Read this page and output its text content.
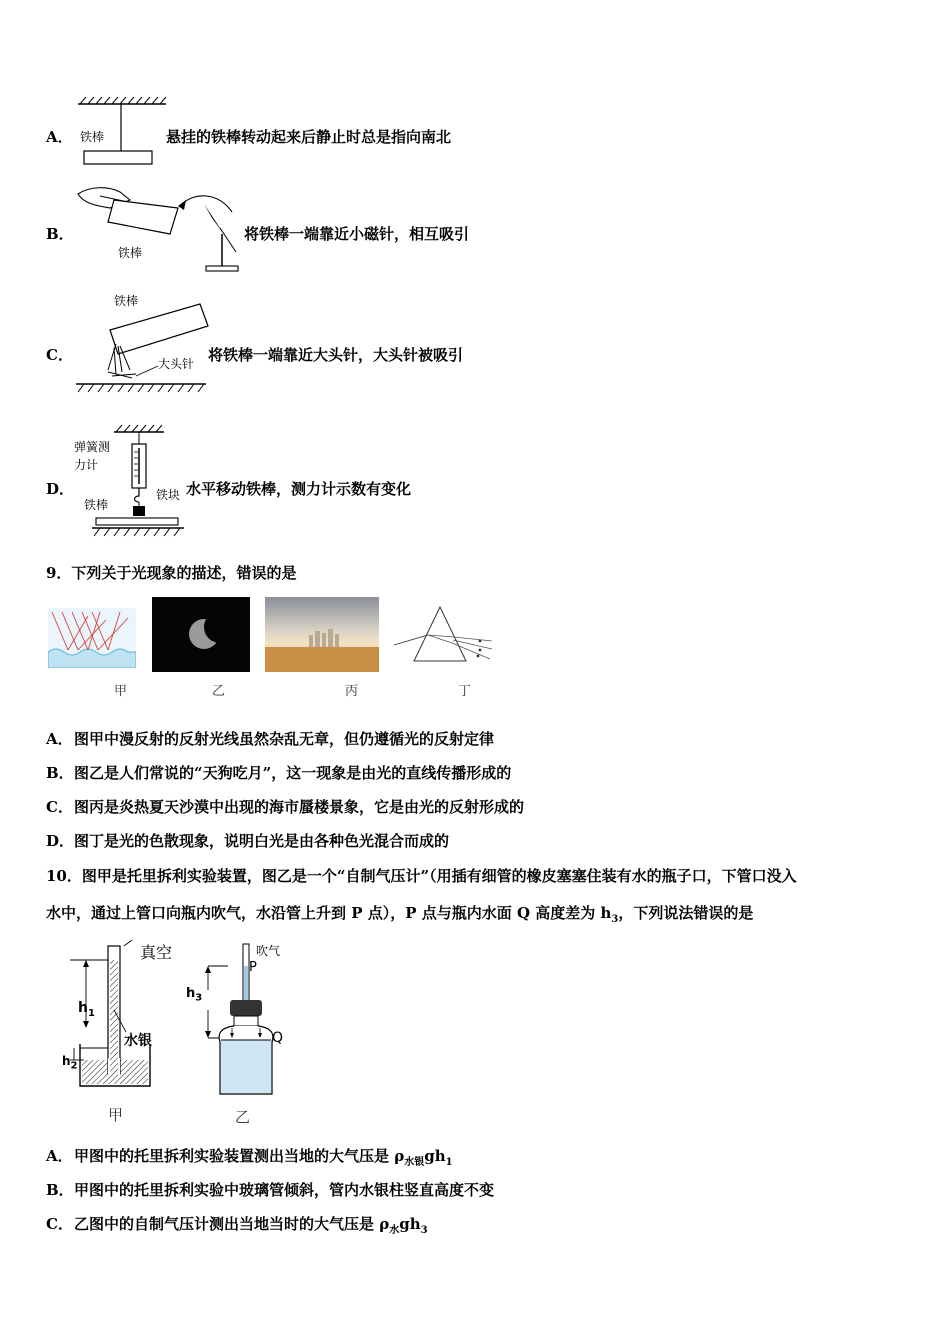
A． 铁棒	悬挂的铁棒转动起来后静止时总是指向南北
B．
铁棒
将铁棒一端靠近小磁针，相互吸引
C．
铁棒
大头针 将铁棒一端靠近大头针，大头针被吸引
D．
弹簧测
力计
铁块
铁棒
水平移动铁棒，测力计示数有变化
9．下列关于光现象的描述，错误的是
甲	乙	丙	丁
A． 图甲中漫反射的反射光线虽然杂乱无章，但仍遵循光的反射定律
B． 图乙是人们常说的“天狗吃月”，这一现象是由光的直线传播形成的
C． 图丙是炎热夏天沙漠中出现的海市蜃楼景象，它是由光的反射形成的
D． 图丁是光的色散现象，说明白光是由各种色光混合而成的
10．图甲是托里拆利实验装置，图乙是一个“自制气压计”（用插有细管的橡皮塞塞住装有水的瓶子口，下管口没入
水中，通过上管口向瓶内吹气，水沿管上升到 P 点），P 点与瓶内水面 Q 高度差为 $h_3$，下列说法错误的是
真空
$h_1$
水银
$h_2$
甲
吹气
P
$h_3$
Q
乙
A． 甲图中的托里拆利实验装置测出当地的大气压是 $\rho_{水银}gh_1$
B． 甲图中的托里拆利实验中玻璃管倾斜，管内水银柱竖直高度不变
C． 乙图中的自制气压计测出当地当时的大气压是 $\rho_水gh_3$
